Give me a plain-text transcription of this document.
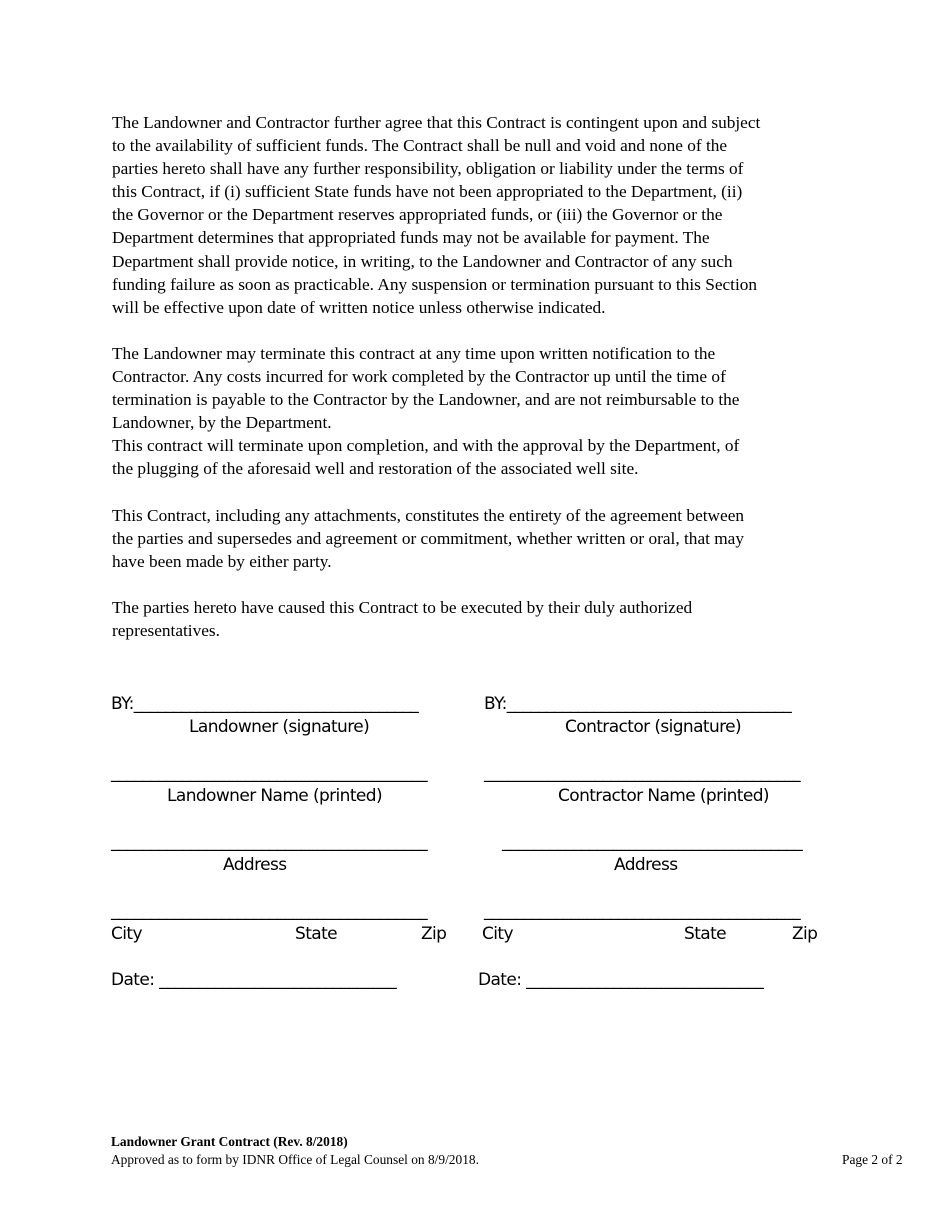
The Landowner and Contractor further agree that this Contract is contingent upon and subject
to the availability of sufficient funds. The Contract shall be null and void and none of the
parties hereto shall have any further responsibility, obligation or liability under the terms of
this Contract, if (i) sufficient State funds have not been appropriated to the Department, (ii)
the Governor or the Department reserves appropriated funds, or (iii) the Governor or the
Department determines that appropriated funds may not be available for payment. The
Department shall provide notice, in writing, to the Landowner and Contractor of any such
funding failure as soon as practicable. Any suspension or termination pursuant to this Section
will be effective upon date of written notice unless otherwise indicated.
The Landowner may terminate this contract at any time upon written notification to the
Contractor. Any costs incurred for work completed by the Contractor up until the time of
termination is payable to the Contractor by the Landowner, and are not reimbursable to the
Landowner, by the Department.
This contract will terminate upon completion, and with the approval by the Department, of
the plugging of the aforesaid well and restoration of the associated well site.
This Contract, including any attachments, constitutes the entirety of the agreement between
the parties and supersedes and agreement or commitment, whether written or oral, that may
have been made by either party.
The parties hereto have caused this Contract to be executed by their duly authorized
representatives.
BY:____________________________________
Landowner (signature)
________________________________________
Landowner Name (printed)
________________________________________
Address
________________________________________
City	State	Zip
Date: ______________________________
BY:____________________________________
Contractor (signature)
________________________________________
Contractor Name (printed)
______________________________________
Address
________________________________________
City	State	Zip
Date: ______________________________
Landowner Grant Contract (Rev. 8/2018)
Approved as to form by IDNR Office of Legal Counsel on 8/9/2018.	Page 2 of 2
